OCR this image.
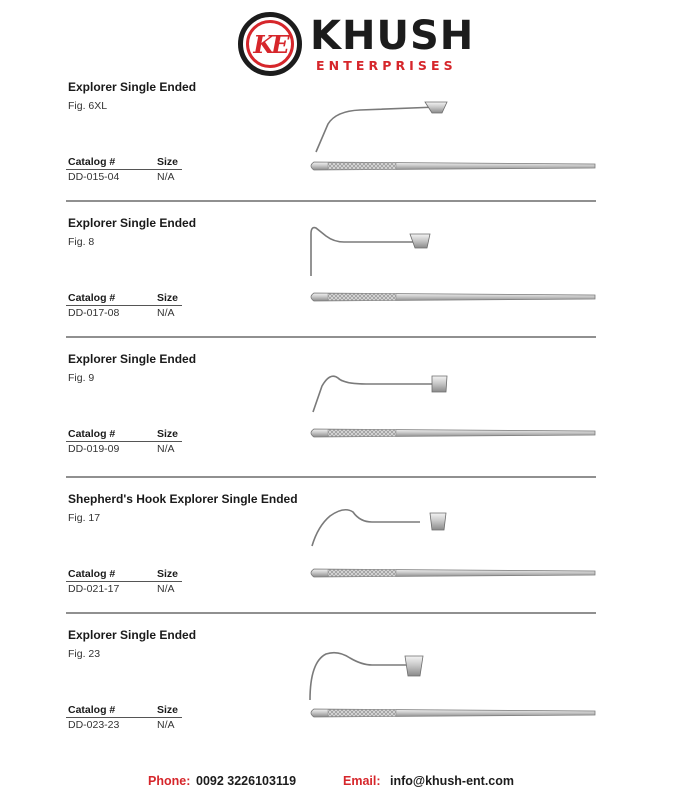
KE KHUSH
ENTERPRISES
Explorer Single Ended
Fig. 6XL
Catalog #	Size
DD-015-04	N/A
Explorer Single Ended
Fig. 8
Catalog #	Size
DD-017-08	N/A
Explorer Single Ended
Fig. 9
Catalog #	Size
DD-019-09	N/A
Shepherd's Hook Explorer Single Ended
Fig. 17
Catalog #	Size
DD-021-17	N/A
Explorer Single Ended
Fig. 23
Catalog #	Size
DD-023-23	N/A
Phone: 0092 3226103119	Email: info@khush-ent.com
